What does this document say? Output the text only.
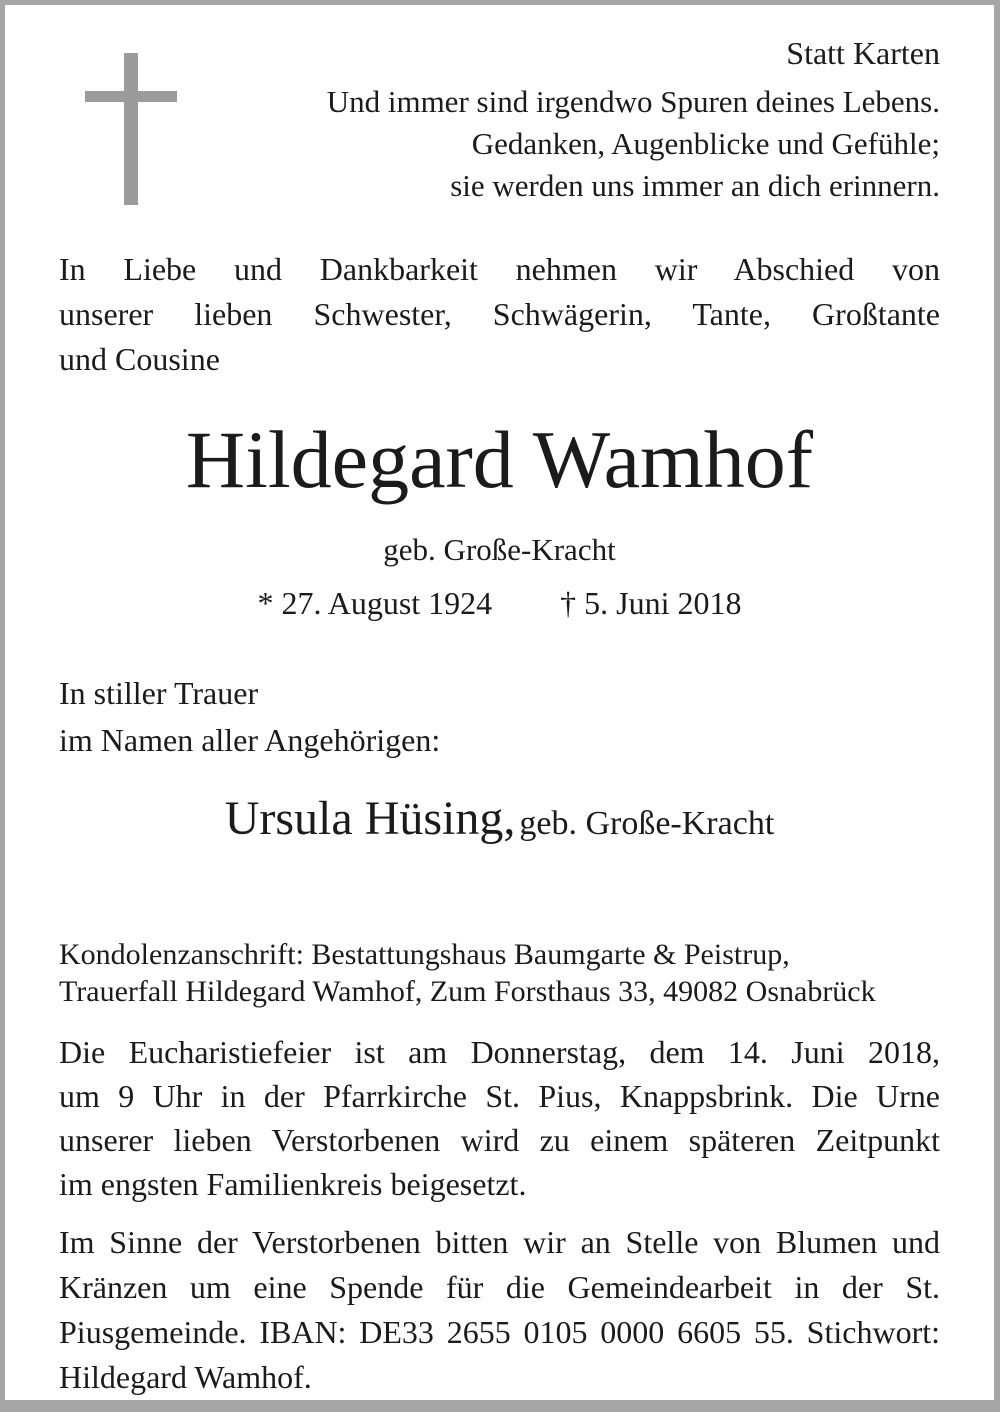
Statt Karten
Und immer sind irgendwo Spuren deines Lebens.
Gedanken, Augenblicke und Gefühle;
sie werden uns immer an dich erinnern.
In Liebe und Dankbarkeit nehmen wir Abschied von
unserer lieben Schwester, Schwägerin, Tante, Großtante
und Cousine
Hildegard Wamhof
geb. Große-Kracht
* 27. August 1924 † 5. Juni 2018
In stiller Trauer
im Namen aller Angehörigen:
Ursula Hüsing, geb. Große-Kracht
Kondolenzanschrift: Bestattungshaus Baumgarte & Peistrup,
Trauerfall Hildegard Wamhof, Zum Forsthaus 33, 49082 Osnabrück
Die Eucharistiefeier ist am Donnerstag, dem 14. Juni 2018,
um 9 Uhr in der Pfarrkirche St. Pius, Knappsbrink. Die Urne
unserer lieben Verstorbenen wird zu einem späteren Zeitpunkt
im engsten Familienkreis beigesetzt.
Im Sinne der Verstorbenen bitten wir an Stelle von Blumen und
Kränzen um eine Spende für die Gemeindearbeit in der St.
Piusgemeinde. IBAN: DE33 2655 0105 0000 6605 55. Stichwort:
Hildegard Wamhof.
